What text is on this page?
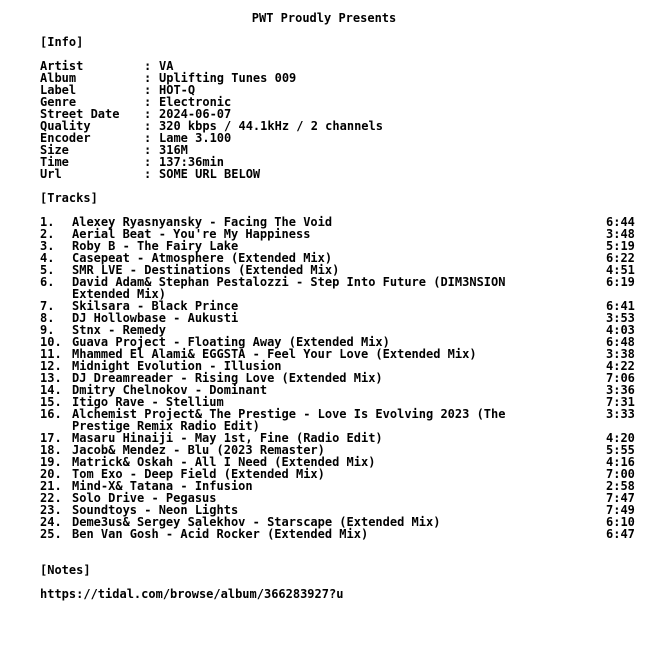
PWT Proudly Presents
[Info]
Artist	: VA
Album	: Uplifting Tunes 009
Label	: HOT-Q
Genre	: Electronic
Street Date : 2024-06-07
Quality	: 320 kbps / 44.1kHz / 2 channels
Encoder	: Lame 3.100
Size	: 316M
Time	: 137:36min
Url	: SOME URL BELOW
[Tracks]
1. Alexey Ryasnyansky - Facing The Void	6:44
2. Aerial Beat - You're My Happiness	3:48
3. Roby B - The Fairy Lake	5:19
4. Casepeat - Atmosphere (Extended Mix)	6:22
5. SMR LVE - Destinations (Extended Mix)	4:51
6. David Adam& Stephan Pestalozzi - Step Into Future (DIM3NSION	6:19
Extended Mix)
7. Skilsara - Black Prince	6:41
8. DJ Hollowbase - Aukusti	3:53
9. Stnx - Remedy	4:03
10. Guava Project - Floating Away (Extended Mix)	6:48
11. Mhammed El Alami& EGGSTA - Feel Your Love (Extended Mix)	3:38
12. Midnight Evolution - Illusion	4:22
13. DJ Dreamreader - Rising Love (Extended Mix)	7:06
14. Dmitry Chelnokov - Dominant	3:36
15. Itigo Rave - Stellium	7:31
16. Alchemist Project& The Prestige - Love Is Evolving 2023 (The	3:33
Prestige Remix Radio Edit)
17. Masaru Hinaiji - May 1st, Fine (Radio Edit)	4:20
18. Jacob& Mendez - Blu (2023 Remaster)	5:55
19. Matrick& Oskah - All I Need (Extended Mix)	4:16
20. Tom Exo - Deep Field (Extended Mix)	7:00
21. Mind-X& Tatana - Infusion	2:58
22. Solo Drive - Pegasus	7:47
23. Soundtoys - Neon Lights	7:49
24. Deme3us& Sergey Salekhov - Starscape (Extended Mix)	6:10
25. Ben Van Gosh - Acid Rocker (Extended Mix)	6:47
[Notes]
https://tidal.com/browse/album/366283927?u
